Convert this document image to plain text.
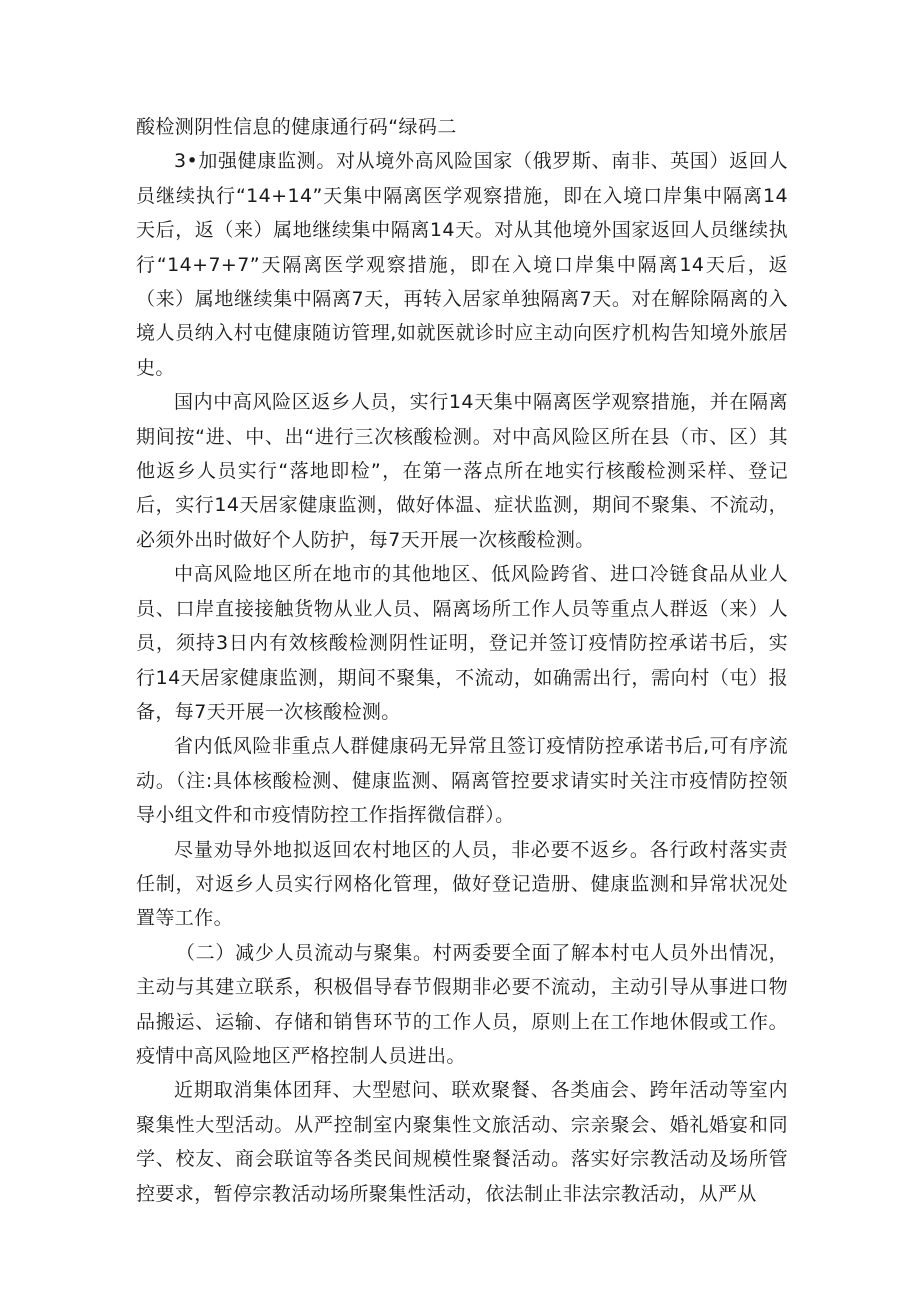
酸检测阴性信息的健康通行码“绿码二

3•加强健康监测。对从境外高风险国家（俄罗斯、南非、英国）返回人员继续执行“14+14”天集中隔离医学观察措施，即在入境口岸集中隔离14天后，返（来）属地继续集中隔离14天。对从其他境外国家返回人员继续执行“14+7+7”天隔离医学观察措施，即在入境口岸集中隔离14天后，返（来）属地继续集中隔离7天，再转入居家单独隔离7天。对在解除隔离的入境人员纳入村屯健康随访管理,如就医就诊时应主动向医疗机构告知境外旅居史。

国内中高风险区返乡人员，实行14天集中隔离医学观察措施，并在隔离期间按“进、中、出“进行三次核酸检测。对中高风险区所在县（市、区）其他返乡人员实行“落地即检”，在第一落点所在地实行核酸检测采样、登记后，实行14天居家健康监测，做好体温、症状监测，期间不聚集、不流动，必须外出时做好个人防护，每7天开展一次核酸检测。

中高风险地区所在地市的其他地区、低风险跨省、进口冷链食品从业人员、口岸直接接触货物从业人员、隔离场所工作人员等重点人群返（来）人员，须持3日内有效核酸检测阴性证明，登记并签订疫情防控承诺书后，实行14天居家健康监测，期间不聚集，不流动，如确需出行，需向村（屯）报备，每7天开展一次核酸检测。

省内低风险非重点人群健康码无异常且签订疫情防控承诺书后,可有序流动。（注:具体核酸检测、健康监测、隔离管控要求请实时关注市疫情防控领导小组文件和市疫情防控工作指挥微信群）。

尽量劝导外地拟返回农村地区的人员，非必要不返乡。各行政村落实责任制，对返乡人员实行网格化管理，做好登记造册、健康监测和异常状况处置等工作。

（二）减少人员流动与聚集。村两委要全面了解本村屯人员外出情况，主动与其建立联系，积极倡导春节假期非必要不流动，主动引导从事进口物品搬运、运输、存储和销售环节的工作人员，原则上在工作地休假或工作。疫情中高风险地区严格控制人员进出。

近期取消集体团拜、大型慰问、联欢聚餐、各类庙会、跨年活动等室内聚集性大型活动。从严控制室内聚集性文旅活动、宗亲聚会、婚礼婚宴和同学、校友、商会联谊等各类民间规模性聚餐活动。落实好宗教活动及场所管控要求，暂停宗教活动场所聚集性活动，依法制止非法宗教活动，从严从
